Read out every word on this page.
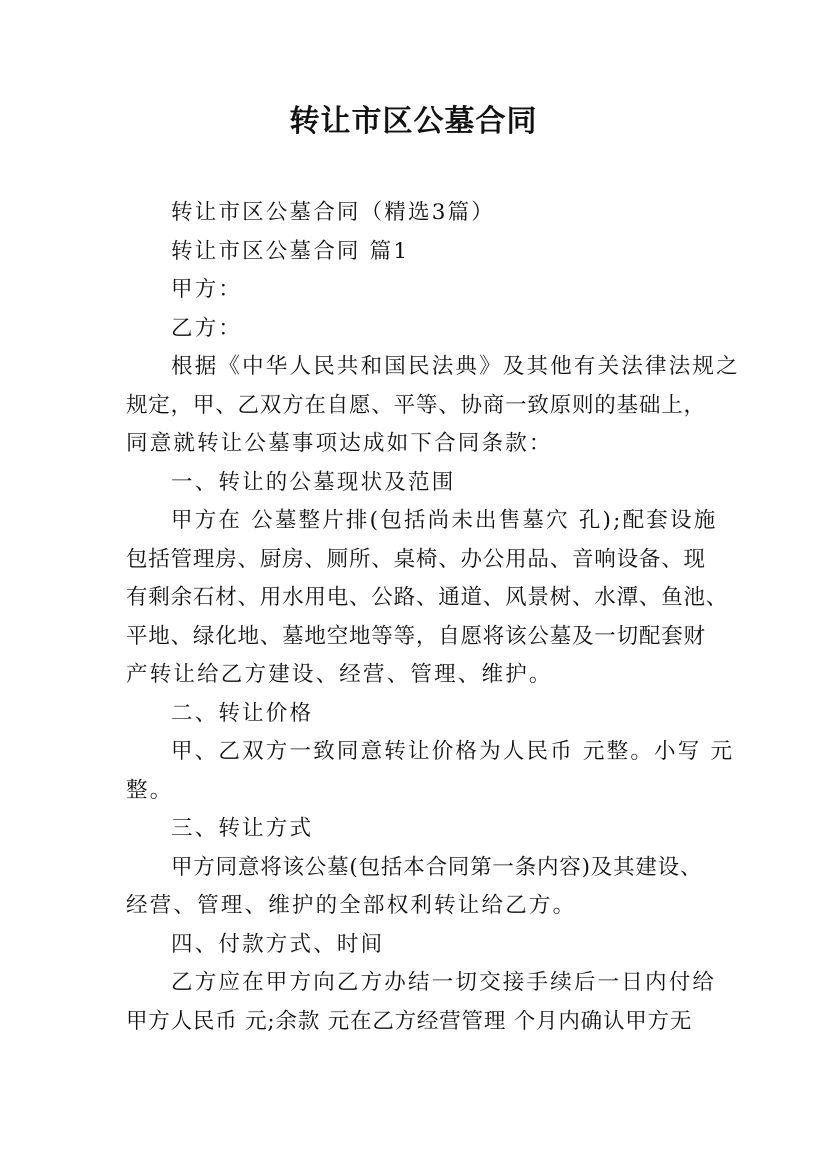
转让市区公墓合同
转让市区公墓合同（精选3篇）
转让市区公墓合同 篇1
甲方：
乙方：
根据《中华人民共和国民法典》及其他有关法律法规之
规定，甲、乙双方在自愿、平等、协商一致原则的基础上，
同意就转让公墓事项达成如下合同条款：
一、转让的公墓现状及范围
甲方在 公墓整片排(包括尚未出售墓穴 孔);配套设施
包括管理房、厨房、厕所、桌椅、办公用品、音响设备、现
有剩余石材、用水用电、公路、通道、风景树、水潭、鱼池、
平地、绿化地、墓地空地等等，自愿将该公墓及一切配套财
产转让给乙方建设、经营、管理、维护。
二、转让价格
甲、乙双方一致同意转让价格为人民币 元整。小写 元
整。
三、转让方式
甲方同意将该公墓(包括本合同第一条内容)及其建设、
经营、管理、维护的全部权利转让给乙方。
四、付款方式、时间
乙方应在甲方向乙方办结一切交接手续后一日内付给
甲方人民币 元;余款 元在乙方经营管理 个月内确认甲方无
